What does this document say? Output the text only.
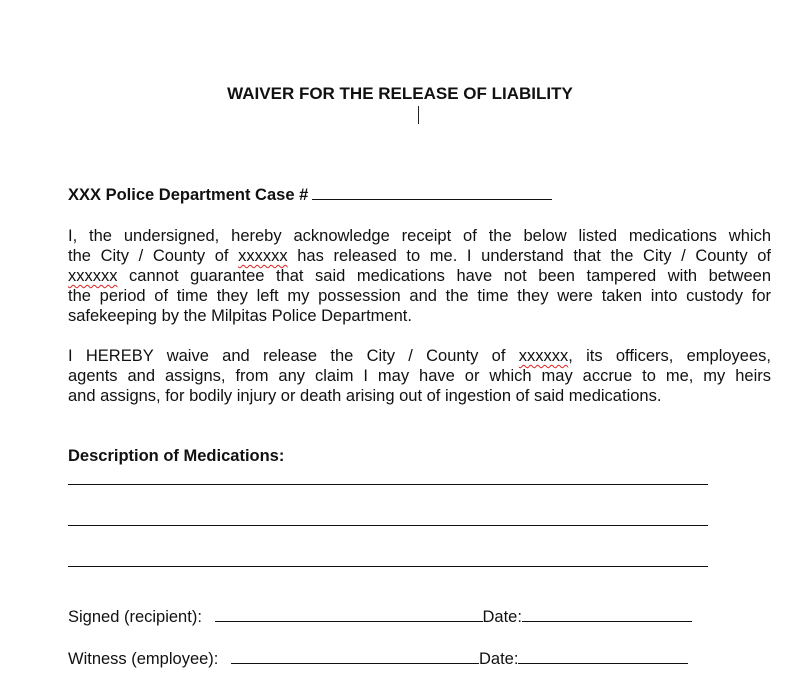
WAIVER FOR THE RELEASE OF LIABILITY
XXX Police Department Case #
I, the undersigned, hereby acknowledge receipt of the below listed medications which
the City / County of xxxxxx has released to me. I understand that the City / County of
xxxxxx cannot guarantee that said medications have not been tampered with between
the period of time they left my possession and the time they were taken into custody for
safekeeping by the Milpitas Police Department.
I HEREBY waive and release the City / County of xxxxxx, its officers, employees,
agents and assigns, from any claim I may have or which may accrue to me, my heirs
and assigns, for bodily injury or death arising out of ingestion of said medications.
Description of Medications:
Signed (recipient):	Date:
Witness (employee):	Date:
